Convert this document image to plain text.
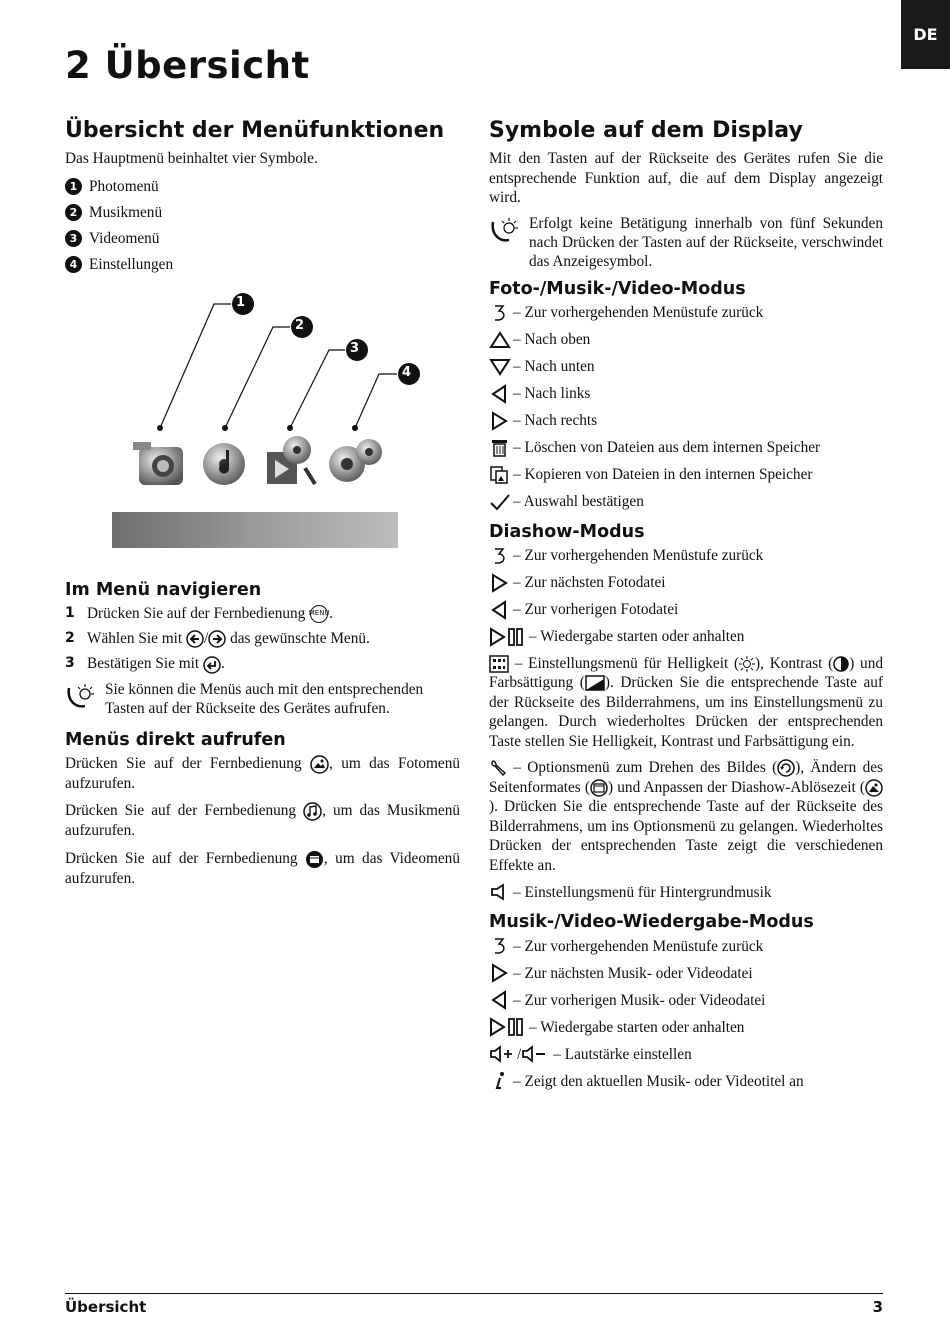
DE
2 Übersicht
Übersicht der Menüfunktionen

Das Hauptmenü beinhaltet vier Symbole.

1 Photomenü
2 Musikmenü
3 Videomenü
4 Einstellungen
1
2
3
4
Im Menü navigieren
1 Drücken Sie auf der Fernbedienung MENU.
2 Wählen Sie mit / das gewünschte Menü.
3 Bestätigen Sie mit .
Sie können die Menüs auch mit den entsprechenden Tasten auf der Rückseite des Gerätes aufrufen.
Menüs direkt aufrufen

Drücken Sie auf der Fernbedienung , um das Fotomenü aufzurufen.

Drücken Sie auf der Fernbedienung , um das Musikmenü aufzurufen.

Drücken Sie auf der Fernbedienung , um das Videomenü aufzurufen.

Symbole auf dem Display

Mit den Tasten auf der Rückseite des Gerätes rufen Sie die entsprechende Funktion auf, die auf dem Display angezeigt wird.

Erfolgt keine Betätigung innerhalb von fünf Sekunden nach Drücken der Tasten auf der Rückseite, verschwindet das Anzeigesymbol.
Foto-/Musik-/Video-Modus
– Zur vorhergehenden Menüstufe zurück
– Nach oben
– Nach unten
– Nach links
– Nach rechts
– Löschen von Dateien aus dem internen Speicher
– Kopieren von Dateien in den internen Speicher
– Auswahl bestätigen
Diashow-Modus
– Zur vorhergehenden Menüstufe zurück
– Zur nächsten Fotodatei
– Zur vorherigen Fotodatei
– Wiedergabe starten oder anhalten

– Einstellungsmenü für Helligkeit ( ), Kontrast ( ) und Farbsättigung ( ). Drücken Sie die entsprechende Taste auf der Rückseite des Bilderrahmens, um ins Einstellungsmenü zu gelangen. Durch wiederholtes Drücken der entsprechenden Taste stellen Sie Helligkeit, Kontrast und Farbsättigung ein.

– Optionsmenü zum Drehen des Bildes ( ), Ändern des Seitenformates ( ) und Anpassen der Diashow-Ablösezeit (). Drücken Sie die entsprechende Taste auf der Rückseite des Bilderrahmens, um ins Optionsmenü zu gelangen. Wiederholtes Drücken der entsprechenden Taste zeigt die verschiedenen Effekte an.

– Einstellungsmenü für Hintergrundmusik
Musik-/Video-Wiedergabe-Modus
– Zur vorhergehenden Menüstufe zurück
– Zur nächsten Musik- oder Videodatei
– Zur vorherigen Musik- oder Videodatei
– Wiedergabe starten oder anhalten
/ – Lautstärke einstellen
– Zeigt den aktuellen Musik- oder Videotitel an
Übersicht	3
